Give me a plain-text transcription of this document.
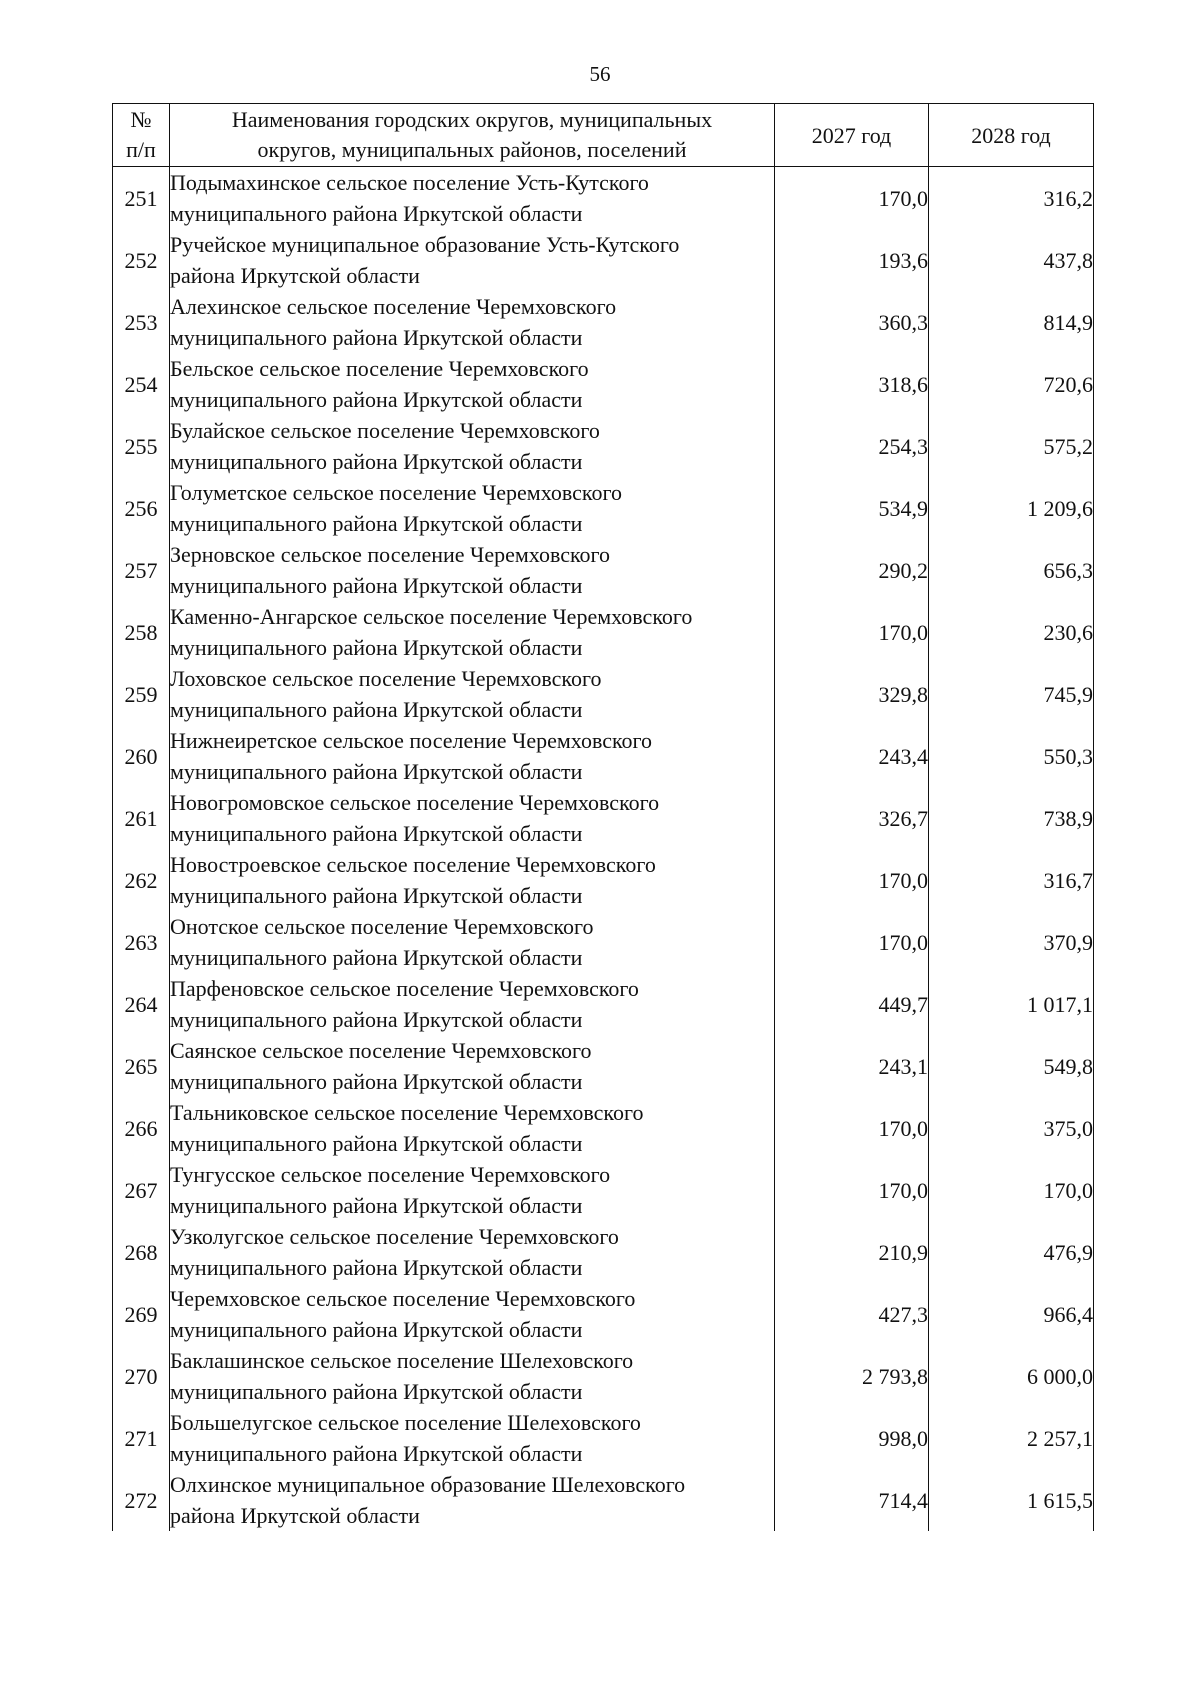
56
№
п/п	Наименования городских округов, муниципальных
округов, муниципальных районов, поселений	2027 год	2028 год
251	Подымахинское сельское поселение Усть-Кутского
муниципального района Иркутской области	170,0	316,2
252	Ручейское муниципальное образование Усть-Кутского
района Иркутской области	193,6	437,8
253	Алехинское сельское поселение Черемховского
муниципального района Иркутской области	360,3	814,9
254	Бельское сельское поселение Черемховского
муниципального района Иркутской области	318,6	720,6
255	Булайское сельское поселение Черемховского
муниципального района Иркутской области	254,3	575,2
256	Голуметское сельское поселение Черемховского
муниципального района Иркутской области	534,9	1 209,6
257	Зерновское сельское поселение Черемховского
муниципального района Иркутской области	290,2	656,3
258	Каменно-Ангарское сельское поселение Черемховского
муниципального района Иркутской области	170,0	230,6
259	Лоховское сельское поселение Черемховского
муниципального района Иркутской области	329,8	745,9
260	Нижнеиретское сельское поселение Черемховского
муниципального района Иркутской области	243,4	550,3
261	Новогромовское сельское поселение Черемховского
муниципального района Иркутской области	326,7	738,9
262	Новостроевское сельское поселение Черемховского
муниципального района Иркутской области	170,0	316,7
263	Онотское сельское поселение Черемховского
муниципального района Иркутской области	170,0	370,9
264	Парфеновское сельское поселение Черемховского
муниципального района Иркутской области	449,7	1 017,1
265	Саянское сельское поселение Черемховского
муниципального района Иркутской области	243,1	549,8
266	Тальниковское сельское поселение Черемховского
муниципального района Иркутской области	170,0	375,0
267	Тунгусское сельское поселение Черемховского
муниципального района Иркутской области	170,0	170,0
268	Узколугское сельское поселение Черемховского
муниципального района Иркутской области	210,9	476,9
269	Черемховское сельское поселение Черемховского
муниципального района Иркутской области	427,3	966,4
270	Баклашинское сельское поселение Шелеховского
муниципального района Иркутской области	2 793,8	6 000,0
271	Большелугское сельское поселение Шелеховского
муниципального района Иркутской области	998,0	2 257,1
272	Олхинское муниципальное образование Шелеховского
района Иркутской области	714,4	1 615,5
